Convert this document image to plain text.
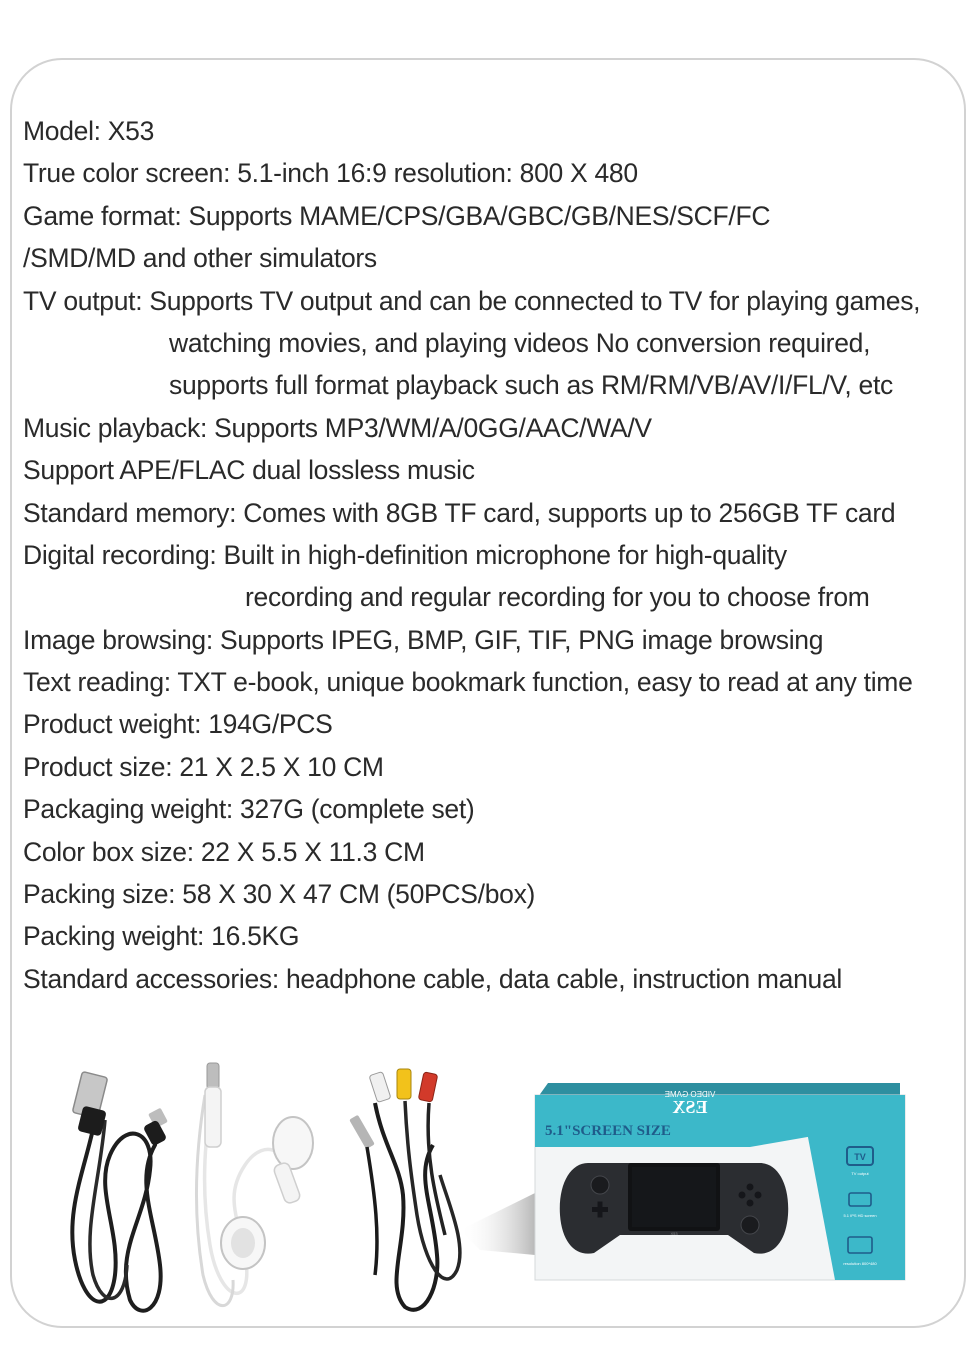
Model: X53
True color screen: 5.1-inch 16:9 resolution: 800 X 480
Game format: Supports MAME/CPS/GBA/GBC/GB/NES/SCF/FC
/SMD/MD and other simulators
TV output: Supports TV output and can be connected to TV for playing games,
watching movies, and playing videos No conversion required,
supports full format playback such as RM/RM/VB/AV/I/FL/V, etc
Music playback: Supports MP3/WM/A/0GG/AAC/WA/V
Support APE/FLAC dual lossless music
Standard memory: Comes with 8GB TF card, supports up to 256GB TF card
Digital recording: Built in high-definition microphone for high-quality
recording and regular recording for you to choose from
Image browsing: Supports IPEG, BMP, GIF, TIF, PNG image browsing
Text reading: TXT e-book, unique bookmark function, easy to read at any time
Product weight: 194G/PCS
Product size: 21 X 2.5 X 10 CM
Packaging weight: 327G (complete set)
Color box size: 22 X 5.5 X 11.3 CM
Packing size: 58 X 30 X 47 CM (50PCS/box)
Packing weight: 16.5KG
Standard accessories: headphone cable, data cable, instruction manual
ESX
VIDEO GAME
5.1"SCREEN SIZE
TV
TV output
5.1 IPS HD screen
resolution 800*480
X53
